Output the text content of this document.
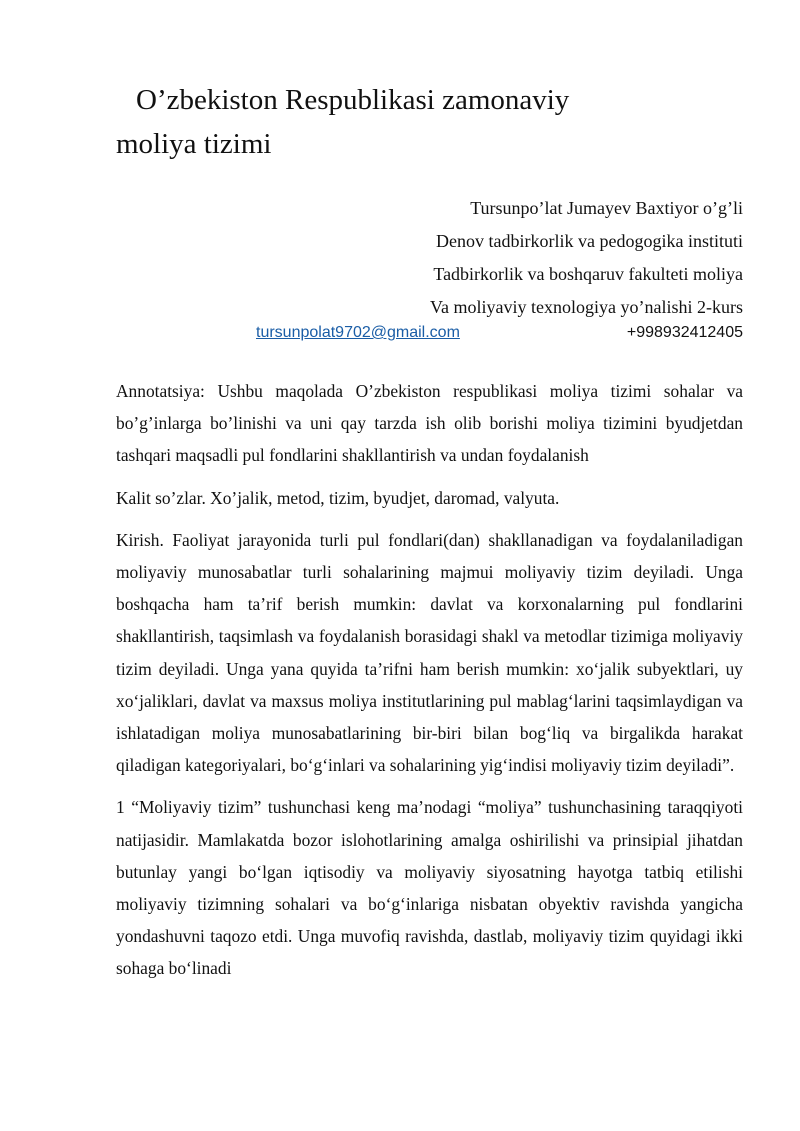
O’zbekiston Respublikasi zamonaviy
moliya tizimi
Tursunpo’lat Jumayev Baxtiyor o’g’li
Denov tadbirkorlik va pedogogika instituti
Tadbirkorlik va boshqaruv fakulteti moliya
Va moliyaviy texnologiya yo’nalishi 2-kurs
tursunpolat9702@gmail.com	+998932412405

Annotatsiya: Ushbu maqolada O’zbekiston respublikasi moliya tizimi sohalar va bo’g’inlarga bo’linishi va uni qay tarzda ish olib borishi moliya tizimini byudjetdan tashqari maqsadli pul fondlarini shakllantirish va undan foydalanish

Kalit so’zlar. Xo’jalik, metod, tizim, byudjet, daromad, valyuta.

Kirish. Faoliyat jarayonida turli pul fondlari(dan) shakllanadigan va foydalaniladigan moliyaviy munosabatlar turli sohalarining majmui moliyaviy tizim deyiladi. Unga boshqacha ham ta’rif berish mumkin: davlat va korxonalarning pul fondlarini shakllantirish, taqsimlash va foydalanish borasidagi shakl va metodlar tizimiga moliyaviy tizim deyiladi. Unga yana quyida ta’rifni ham berish mumkin: xo‘jalik subyektlari, uy xo‘jaliklari, davlat va maxsus moliya institutlarining pul mablag‘larini taqsimlaydigan va ishlatadigan moliya munosabatlarining bir-biri bilan bog‘liq va birgalikda harakat qiladigan kategoriyalari, bo‘g‘inlari va sohalarining yig‘indisi moliyaviy tizim deyiladi”.

1 “Moliyaviy tizim” tushunchasi keng ma’nodagi “moliya” tushunchasining taraqqiyoti natijasidir. Mamlakatda bozor islohotlarining amalga oshirilishi va prinsipial jihatdan butunlay yangi bo‘lgan iqtisodiy va moliyaviy siyosatning hayotga tatbiq etilishi moliyaviy tizimning sohalari va bo‘g‘inlariga nisbatan obyektiv ravishda yangicha yondashuvni taqozo etdi. Unga muvofiq ravishda, dastlab, moliyaviy tizim quyidagi ikki sohaga bo‘linadi
